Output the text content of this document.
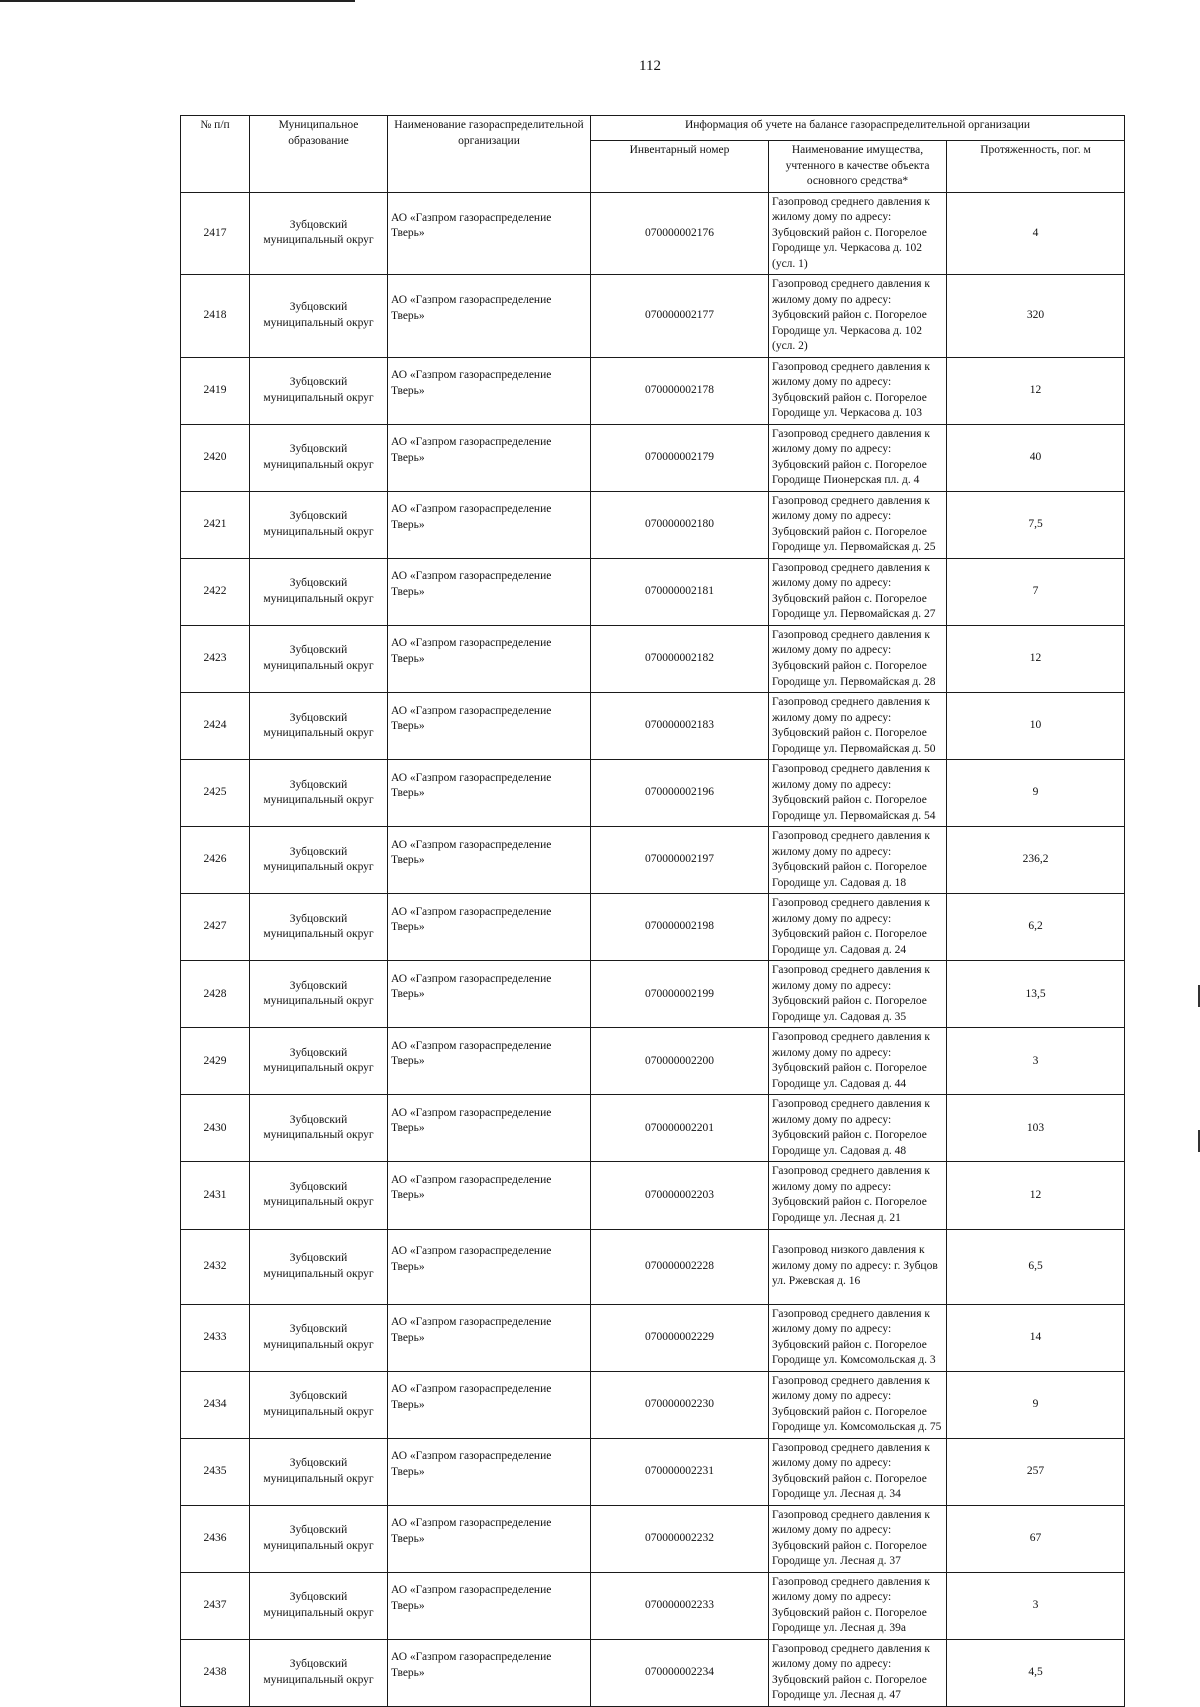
112
№ п/п	Муниципальное образование	Наименование газораспределительной организации	Информация об учете на балансе газораспределительной организации		
			Инвентарный номер	Наименование имущества, учтенного в качестве объекта основного средства*	Протяженность, пог. м
2417	Зубцовский муниципальный округ	АО «Газпром газораспределение Тверь»	070000002176	Газопровод среднего давления к жилому дому по адресу: Зубцовский район с. Погорелое Городище ул. Черкасова д. 102 (усл. 1)	4
2418	Зубцовский муниципальный округ	АО «Газпром газораспределение Тверь»	070000002177	Газопровод среднего давления к жилому дому по адресу: Зубцовский район с. Погорелое Городище ул. Черкасова д. 102 (усл. 2)	320
2419	Зубцовский муниципальный округ	АО «Газпром газораспределение Тверь»	070000002178	Газопровод среднего давления к жилому дому по адресу: Зубцовский район с. Погорелое Городище ул. Черкасова д. 103	12
2420	Зубцовский муниципальный округ	АО «Газпром газораспределение Тверь»	070000002179	Газопровод среднего давления к жилому дому по адресу: Зубцовский район с. Погорелое Городище Пионерская пл. д. 4	40
2421	Зубцовский муниципальный округ	АО «Газпром газораспределение Тверь»	070000002180	Газопровод среднего давления к жилому дому по адресу: Зубцовский район с. Погорелое Городище ул. Первомайская д. 25	7,5
2422	Зубцовский муниципальный округ	АО «Газпром газораспределение Тверь»	070000002181	Газопровод среднего давления к жилому дому по адресу: Зубцовский район с. Погорелое Городище ул. Первомайская д. 27	7
2423	Зубцовский муниципальный округ	АО «Газпром газораспределение Тверь»	070000002182	Газопровод среднего давления к жилому дому по адресу: Зубцовский район с. Погорелое Городище ул. Первомайская д. 28	12
2424	Зубцовский муниципальный округ	АО «Газпром газораспределение Тверь»	070000002183	Газопровод среднего давления к жилому дому по адресу: Зубцовский район с. Погорелое Городище ул. Первомайская д. 50	10
2425	Зубцовский муниципальный округ	АО «Газпром газораспределение Тверь»	070000002196	Газопровод среднего давления к жилому дому по адресу: Зубцовский район с. Погорелое Городище ул. Первомайская д. 54	9
2426	Зубцовский муниципальный округ	АО «Газпром газораспределение Тверь»	070000002197	Газопровод среднего давления к жилому дому по адресу: Зубцовский район с. Погорелое Городище ул. Садовая д. 18	236,2
2427	Зубцовский муниципальный округ	АО «Газпром газораспределение Тверь»	070000002198	Газопровод среднего давления к жилому дому по адресу: Зубцовский район с. Погорелое Городище ул. Садовая д. 24	6,2
2428	Зубцовский муниципальный округ	АО «Газпром газораспределение Тверь»	070000002199	Газопровод среднего давления к жилому дому по адресу: Зубцовский район с. Погорелое Городище ул. Садовая д. 35	13,5
2429	Зубцовский муниципальный округ	АО «Газпром газораспределение Тверь»	070000002200	Газопровод среднего давления к жилому дому по адресу: Зубцовский район с. Погорелое Городище ул. Садовая д. 44	3
2430	Зубцовский муниципальный округ	АО «Газпром газораспределение Тверь»	070000002201	Газопровод среднего давления к жилому дому по адресу: Зубцовский район с. Погорелое Городище ул. Садовая д. 48	103
2431	Зубцовский муниципальный округ	АО «Газпром газораспределение Тверь»	070000002203	Газопровод среднего давления к жилому дому по адресу: Зубцовский район с. Погорелое Городище ул. Лесная д. 21	12
2432	Зубцовский муниципальный округ	АО «Газпром газораспределение Тверь»	070000002228	Газопровод низкого давления к жилому дому по адресу: г. Зубцов ул. Ржевская д. 16	6,5
2433	Зубцовский муниципальный округ	АО «Газпром газораспределение Тверь»	070000002229	Газопровод среднего давления к жилому дому по адресу: Зубцовский район с. Погорелое Городище ул. Комсомольская д. 3	14
2434	Зубцовский муниципальный округ	АО «Газпром газораспределение Тверь»	070000002230	Газопровод среднего давления к жилому дому по адресу: Зубцовский район с. Погорелое Городище ул. Комсомольская д. 75	9
2435	Зубцовский муниципальный округ	АО «Газпром газораспределение Тверь»	070000002231	Газопровод среднего давления к жилому дому по адресу: Зубцовский район с. Погорелое Городище ул. Лесная д. 34	257
2436	Зубцовский муниципальный округ	АО «Газпром газораспределение Тверь»	070000002232	Газопровод среднего давления к жилому дому по адресу: Зубцовский район с. Погорелое Городище ул. Лесная д. 37	67
2437	Зубцовский муниципальный округ	АО «Газпром газораспределение Тверь»	070000002233	Газопровод среднего давления к жилому дому по адресу: Зубцовский район с. Погорелое Городище ул. Лесная д. 39а	3
2438	Зубцовский муниципальный округ	АО «Газпром газораспределение Тверь»	070000002234	Газопровод среднего давления к жилому дому по адресу: Зубцовский район с. Погорелое Городище ул. Лесная д. 47	4,5
